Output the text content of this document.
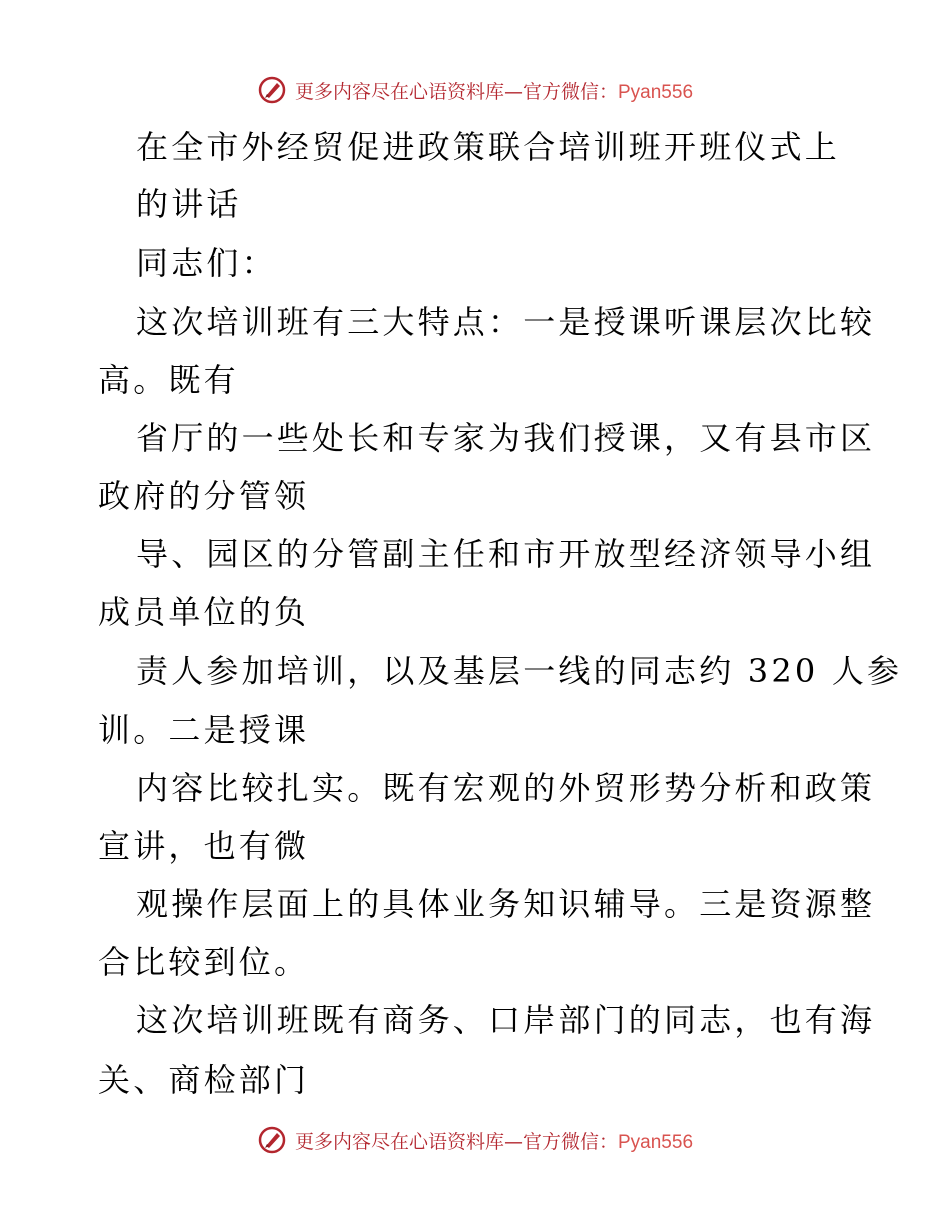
更多内容尽在心语资料库—官方微信：Pyan556
在全市外经贸促进政策联合培训班开班仪式上
的讲话
同志们：
这次培训班有三大特点：一是授课听课层次比较
高。既有
省厅的一些处长和专家为我们授课，又有县市区
政府的分管领
导、园区的分管副主任和市开放型经济领导小组
成员单位的负
责人参加培训，以及基层一线的同志约 320 人参
训。二是授课
内容比较扎实。既有宏观的外贸形势分析和政策
宣讲，也有微
观操作层面上的具体业务知识辅导。三是资源整
合比较到位。
这次培训班既有商务、口岸部门的同志，也有海
关、商检部门
更多内容尽在心语资料库—官方微信：Pyan556
